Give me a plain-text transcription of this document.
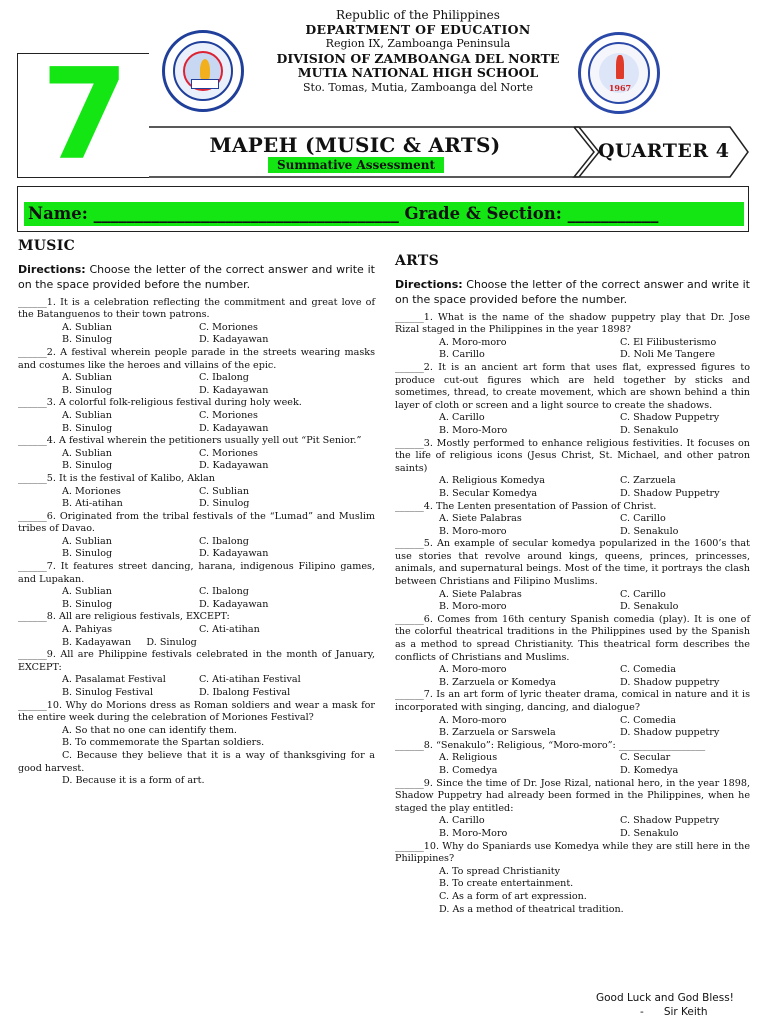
1967
Republic of the Philippines
DEPARTMENT OF EDUCATION
Region IX, Zamboanga Peninsula
DIVISION OF ZAMBOANGA DEL NORTE
MUTIA NATIONAL HIGH SCHOOL
Sto. Tomas, Mutia, Zamboanga del Norte
7	MAPEH (MUSIC & ARTS)
Summative Assessment
QUARTER 4
Name: _____________________________________ Grade & Section: ___________
MUSIC
Directions: Choose the letter of the correct answer and write it on the space provided before the number.
______1. It is a celebration reflecting the commitment and great love of the Batanguenos to their town patrons.
A. Sublian	C. Moriones
B. Sinulog	D. Kadayawan
______2. A festival wherein people parade in the streets wearing masks and costumes like the heroes and villains of the epic.
A. Sublian	C. Ibalong
B. Sinulog	D. Kadayawan
______3. A colorful folk-religious festival during holy week.
A. Sublian	C. Moriones
B. Sinulog	D. Kadayawan
______4. A festival wherein the petitioners usually yell out “Pit Senior.”
A. Sublian	C. Moriones
B. Sinulog	D. Kadayawan
______5. It is the festival of Kalibo, Aklan
A. Moriones	C. Sublian
B. Ati-atihan	D. Sinulog
______6. Originated from the tribal festivals of the “Lumad” and Muslim tribes of Davao.
A. Sublian	C. Ibalong
B. Sinulog	D. Kadayawan
______7. It features street dancing, harana, indigenous Filipino games, and Lupakan.
A. Sublian	C. Ibalong
B. Sinulog	D. Kadayawan
______8. All are religious festivals, EXCEPT:
A. Pahiyas	C. Ati-atihan
B. Kadayawan     D. Sinulog
______9. All are Philippine festivals celebrated in the month of January, EXCEPT:
A. Pasalamat Festival	C. Ati-atihan Festival
B. Sinulog Festival	D. Ibalong Festival
______10. Why do Morions dress as Roman soldiers and wear a mask for the entire week during the celebration of Moriones Festival?
A. So that no one can identify them.
B. To commemorate the Spartan soldiers.
C. Because they believe that it is a way of thanksgiving for a good harvest.
D. Because it is a form of art.
ARTS
Directions: Choose the letter of the correct answer and write it on the space provided before the number.
______1. What is the name of the shadow puppetry play that Dr. Jose Rizal staged in the Philippines in the year 1898?
A. Moro-moro	C. El Filibusterismo
B. Carillo	D. Noli Me Tangere
______2. It is an ancient art form that uses flat, expressed figures to produce cut-out figures which are held together by sticks and sometimes, thread, to create movement, which are shown behind a thin layer of cloth or screen and a light source to create the shadows.
A. Carillo	C. Shadow Puppetry
B. Moro-Moro	D. Senakulo
______3. Mostly performed to enhance religious festivities. It focuses on the life of religious icons (Jesus Christ, St. Michael, and other patron saints)
A. Religious Komedya	C. Zarzuela
B. Secular Komedya	D. Shadow Puppetry
______4. The Lenten presentation of Passion of Christ.
A. Siete Palabras	C. Carillo
B. Moro-moro	D. Senakulo
______5. An example of secular komedya popularized in the 1600’s that use stories that revolve around kings, queens, princes, princesses, animals, and supernatural beings. Most of the time, it portrays the clash between Christians and Filipino Muslims.
A. Siete Palabras	C. Carillo
B. Moro-moro	D. Senakulo
______6. Comes from 16th century Spanish comedia (play). It is one of the colorful theatrical traditions in the Philippines used by the Spanish as a method to spread Christianity. This theatrical form describes the conflicts of Christians and Muslims.
A. Moro-moro	C. Comedia
B. Zarzuela or Komedya	D. Shadow puppetry
______7. Is an art form of lyric theater drama, comical in nature and it is incorporated with singing, dancing, and dialogue?
A. Moro-moro	C. Comedia
B. Zarzuela or Sarswela	D. Shadow puppetry
______8. “Senakulo”: Religious, “Moro-moro”: __________________
A. Religious	C. Secular
B. Comedya	D. Komedya
______9. Since the time of Dr. Jose Rizal, national hero, in the year 1898, Shadow Puppetry had already been formed in the Philippines, when he staged the play entitled:
A. Carillo	C. Shadow Puppetry
B. Moro-Moro	D. Senakulo
______10. Why do Spaniards use Komedya while they are still here in the Philippines?
A. To spread Christianity
B. To create entertainment.
C. As a form of art expression.
D. As a method of theatrical tradition.
Good Luck and God Bless!
-      Sir Keith
